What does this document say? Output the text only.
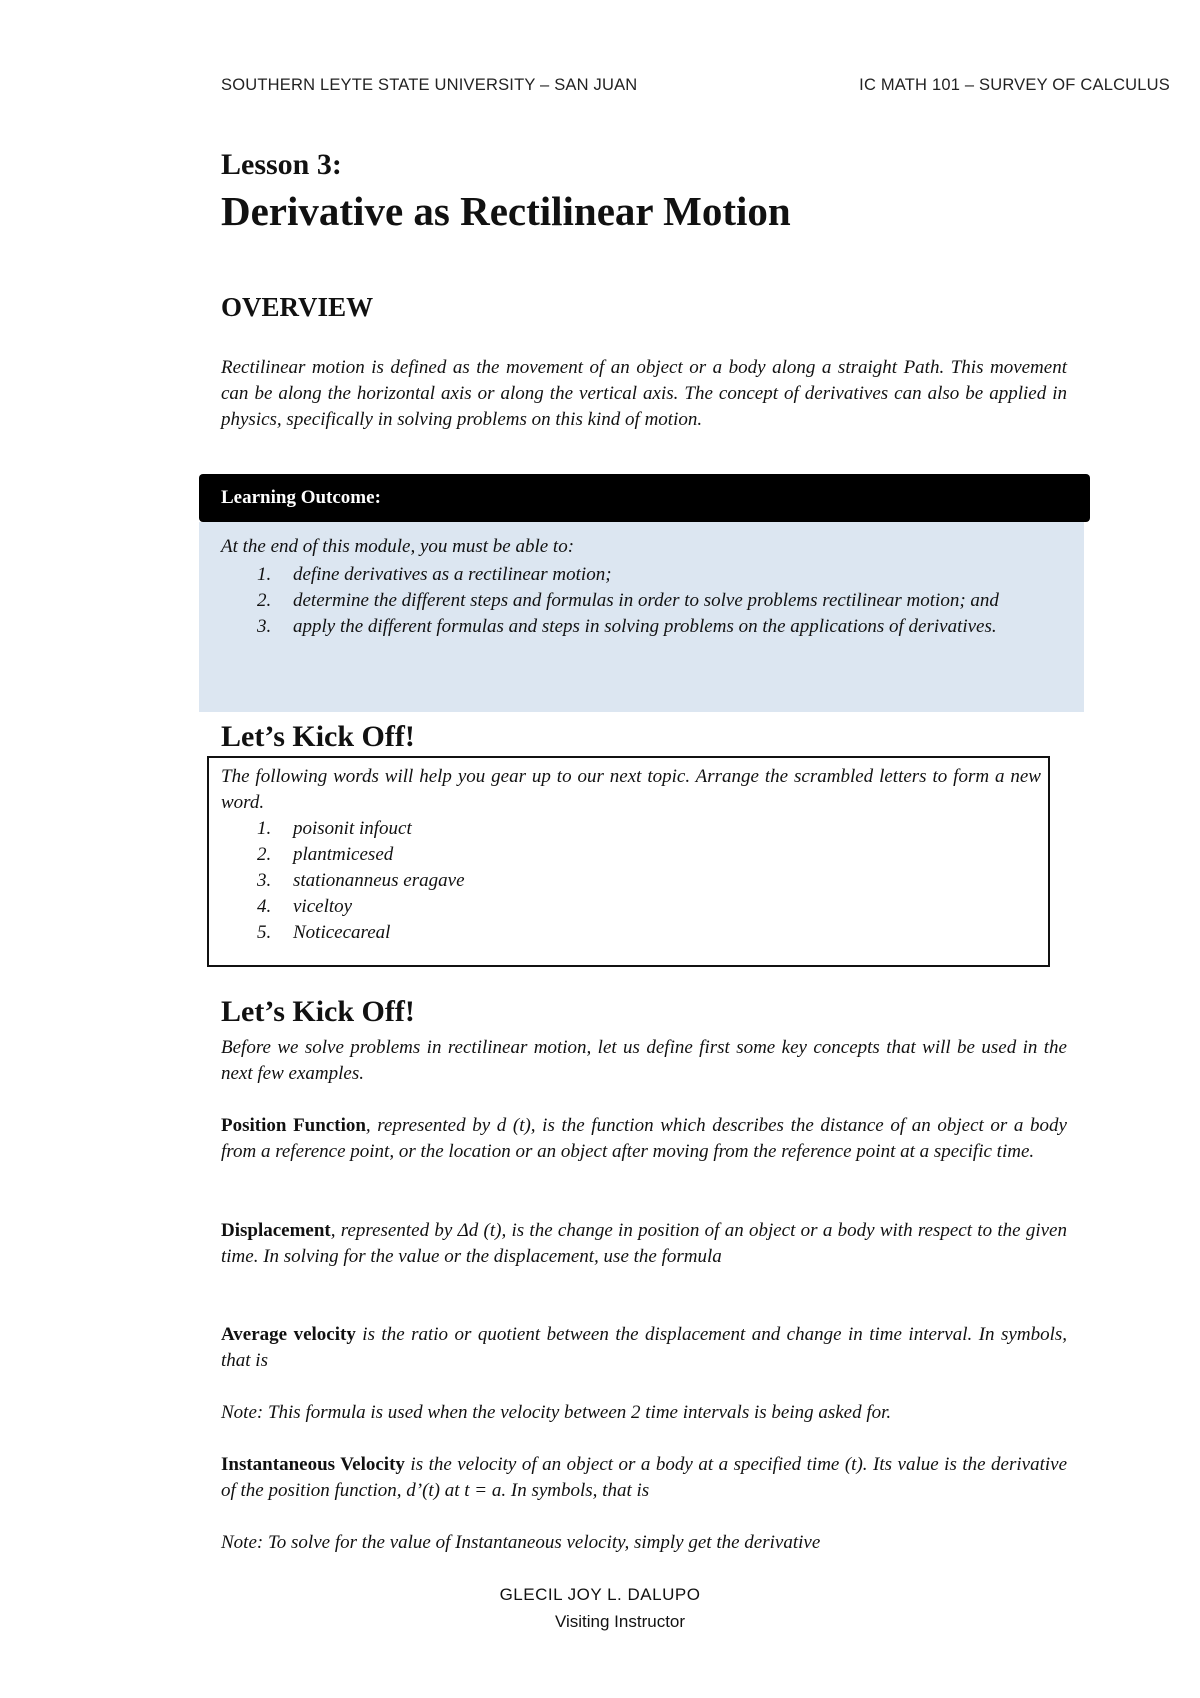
SOUTHERN LEYTE STATE UNIVERSITY – SAN JUAN	IC MATH 101 – SURVEY OF CALCULUS
Lesson 3:
Derivative as Rectilinear Motion
OVERVIEW
Rectilinear motion is defined as the movement of an object or a body along a straight Path. This movement can be along the horizontal axis or along the vertical axis. The concept of derivatives can also be applied in physics, specifically in solving problems on this kind of motion.
Learning Outcome:
At the end of this module, you must be able to:
1. define derivatives as a rectilinear motion;
2. determine the different steps and formulas in order to solve problems rectilinear motion; and
3. apply the different formulas and steps in solving problems on the applications of derivatives.
Let’s Kick Off!
The following words will help you gear up to our next topic. Arrange the scrambled letters to form a new word.
1. poisonit infouct
2. plantmicesed
3. stationanneus eragave
4. viceltoy
5. Noticecareal
Let’s Kick Off!
Before we solve problems in rectilinear motion, let us define first some key concepts that will be used in the next few examples.
Position Function, represented by d (t), is the function which describes the distance of an object or a body from a reference point, or the location or an object after moving from the reference point at a specific time.
Displacement, represented by Δd (t), is the change in position of an object or a body with respect to the given time. In solving for the value or the displacement, use the formula
Average velocity is the ratio or quotient between the displacement and change in time interval. In symbols, that is
Note: This formula is used when the velocity between 2 time intervals is being asked for.
Instantaneous Velocity is the velocity of an object or a body at a specified time (t). Its value is the derivative of the position function, d’(t) at t = a. In symbols, that is
Note: To solve for the value of Instantaneous velocity, simply get the derivative
GLECIL JOY L. DALUPO
Visiting Instructor
